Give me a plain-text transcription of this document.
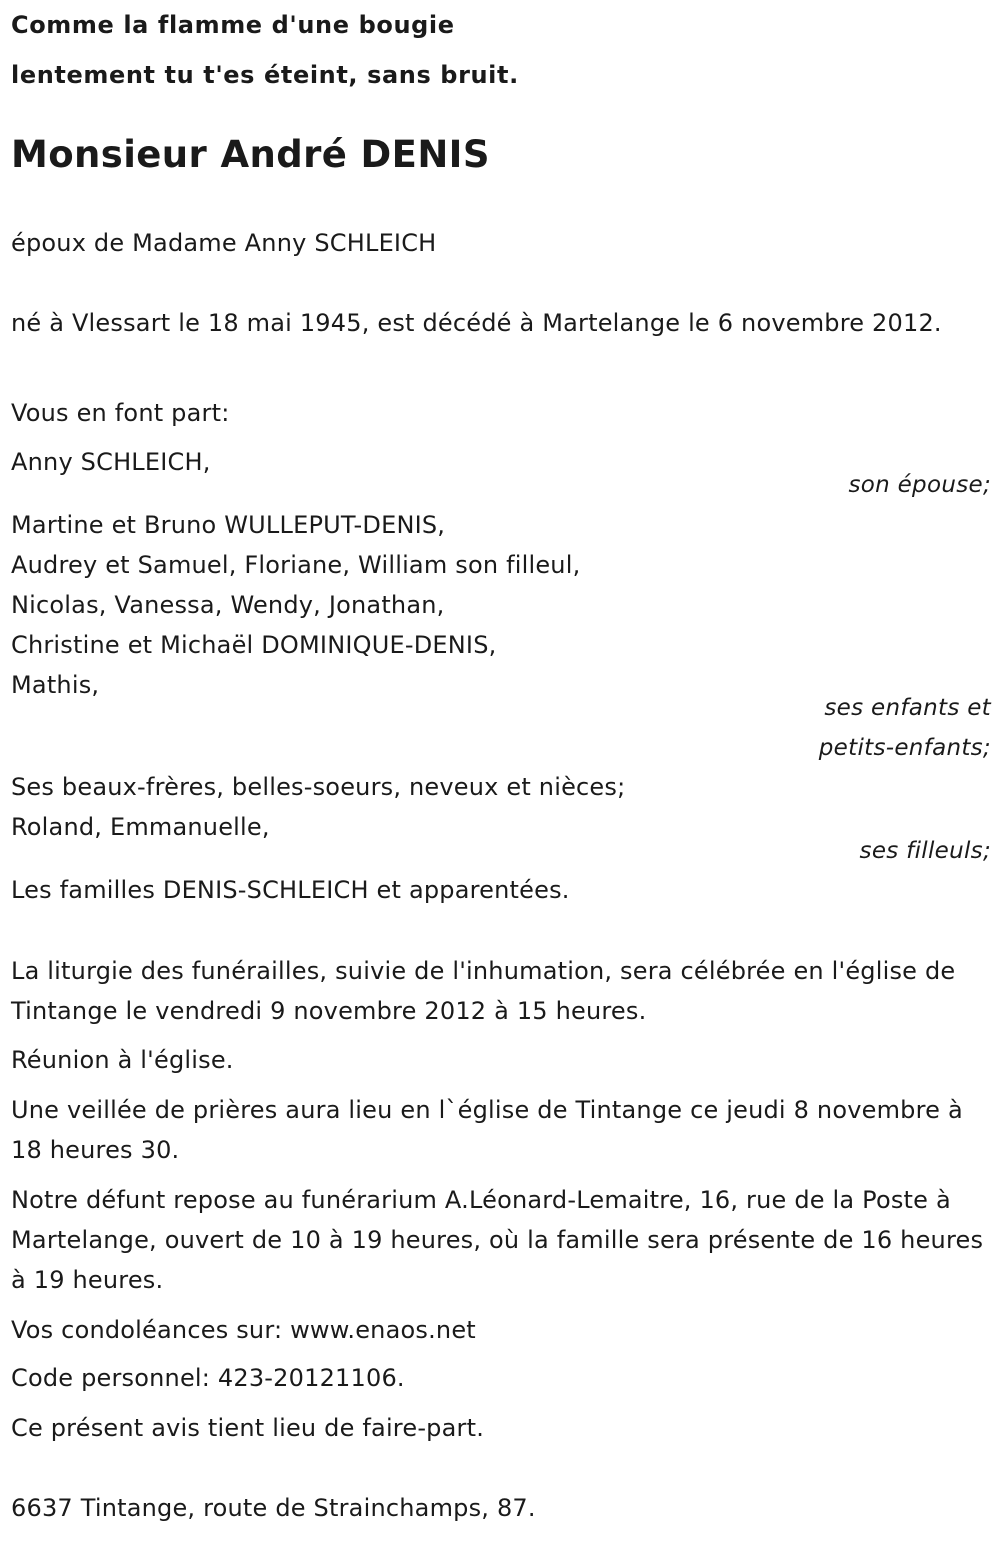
Comme la flamme d'une bougie
lentement tu t'es éteint, sans bruit.
Monsieur André DENIS
époux de Madame Anny SCHLEICH
né à Vlessart le 18 mai 1945, est décédé à Martelange le 6 novembre 2012.
Vous en font part:
Anny SCHLEICH,
son épouse;
Martine et Bruno WULLEPUT-DENIS,
Audrey et Samuel, Floriane, William son filleul,
Nicolas, Vanessa, Wendy, Jonathan,
Christine et Michaël DOMINIQUE-DENIS,
Mathis,
ses enfants et
petits-enfants;
Ses beaux-frères, belles-soeurs, neveux et nièces;
Roland, Emmanuelle,
ses filleuls;
Les familles DENIS-SCHLEICH et apparentées.
La liturgie des funérailles, suivie de l'inhumation, sera célébrée en l'église de Tintange le vendredi 9 novembre 2012 à 15 heures.
Réunion à l'église.
Une veillée de prières aura lieu en l`église de Tintange ce jeudi 8 novembre à 18 heures 30.
Notre défunt repose au funérarium A.Léonard-Lemaitre, 16, rue de la Poste à Martelange, ouvert de 10 à 19 heures, où la famille sera présente de 16 heures à 19 heures.
Vos condoléances sur: www.enaos.net
Code personnel: 423-20121106.
Ce présent avis tient lieu de faire-part.
6637 Tintange, route de Strainchamps, 87.
